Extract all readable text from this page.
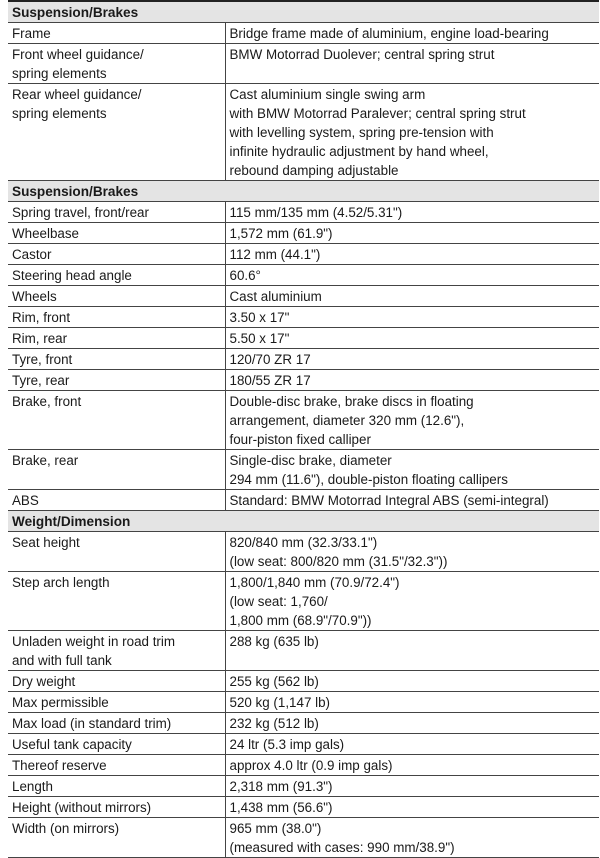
Suspension/Brakes	

Frame	Bridge frame made of aluminium, engine load-bearing

Front wheel guidance/
spring elements	BMW Motorrad Duolever; central spring strut

Rear wheel guidance/
spring elements	Cast aluminium single swing arm
with BMW Motorrad Paralever; central spring strut
with levelling system, spring pre-tension with
infinite hydraulic adjustment by hand wheel,
rebound damping adjustable

Suspension/Brakes	

Spring travel, front/rear	115 mm/135 mm (4.52/5.31")

Wheelbase	1,572 mm (61.9")

Castor	112 mm (44.1")

Steering head angle	60.6°

Wheels	Cast aluminium

Rim, front	3.50 x 17"

Rim, rear	5.50 x 17"

Tyre, front	120/70 ZR 17

Tyre, rear	180/55 ZR 17

Brake, front	Double-disc brake, brake discs in floating
arrangement, diameter 320 mm (12.6"),
four-piston fixed calliper

Brake, rear	Single-disc brake, diameter
294 mm (11.6"), double-piston floating callipers

ABS	Standard: BMW Motorrad Integral ABS (semi-integral)

Weight/Dimension	

Seat height	820/840 mm (32.3/33.1")
(low seat: 800/820 mm (31.5"/32.3"))

Step arch length	1,800/1,840 mm (70.9/72.4")
(low seat: 1,760/
1,800 mm (68.9"/70.9"))

Unladen weight in road trim
and with full tank	288 kg (635 lb)

Dry weight	255 kg (562 lb)

Max permissible	520 kg (1,147 lb)

Max load (in standard trim)	232 kg (512 lb)

Useful tank capacity	24 ltr (5.3 imp gals)

Thereof reserve	approx 4.0 ltr (0.9 imp gals)

Length	2,318 mm (91.3")

Height (without mirrors)	1,438 mm (56.6")

Width (on mirrors)	965 mm (38.0")
(measured with cases: 990 mm/38.9")
